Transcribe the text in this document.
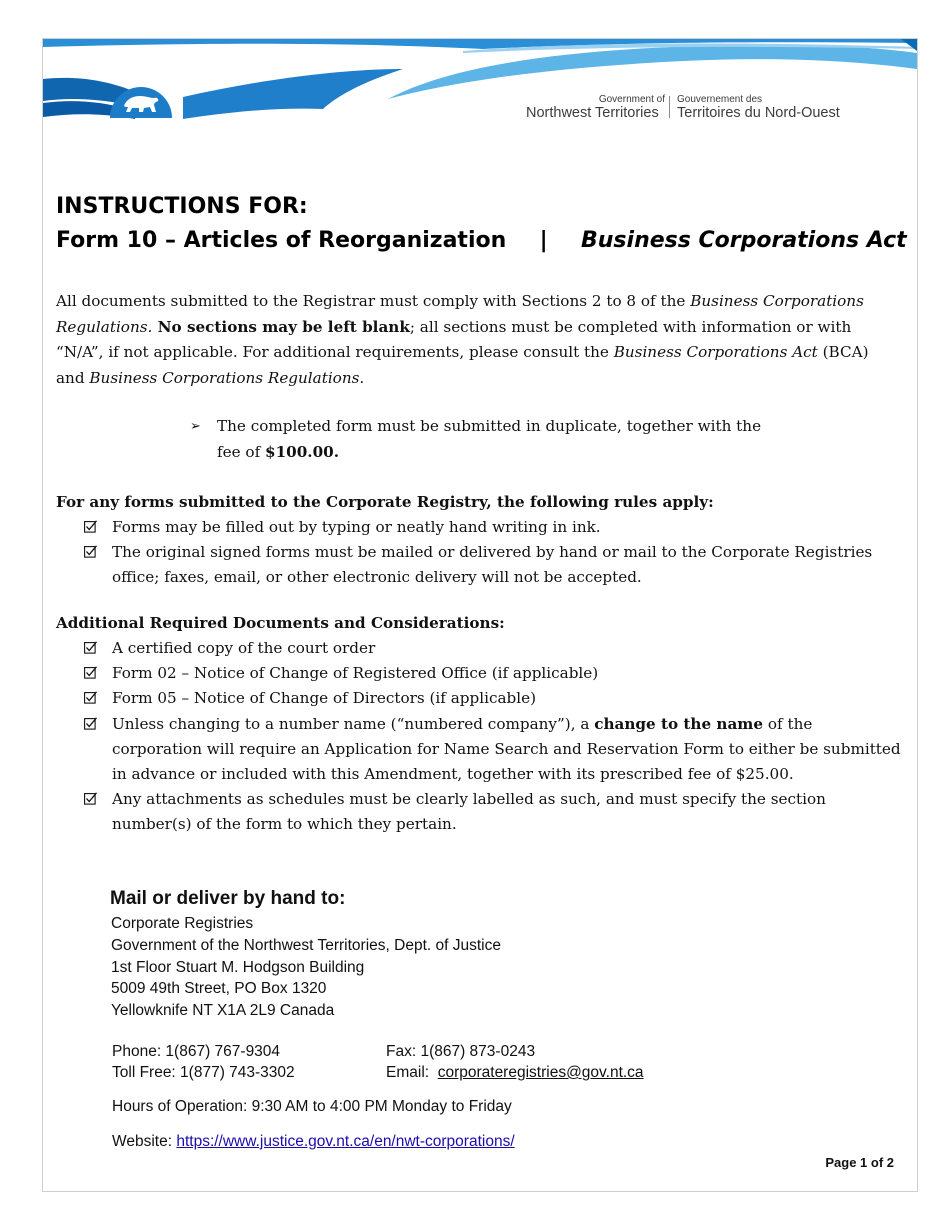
Government of
Northwest Territories
Gouvernement des
Territoires du Nord-Ouest
INSTRUCTIONS FOR:
Form 10 – Articles of Reorganization | Business Corporations Act
All documents submitted to the Registrar must comply with Sections 2 to 8 of the Business Corporations Regulations. No sections may be left blank; all sections must be completed with information or with “N/A”, if not applicable. For additional requirements, please consult the Business Corporations Act (BCA) and Business Corporations Regulations.
➢ The completed form must be submitted in duplicate, together with the fee of $100.00.
For any forms submitted to the Corporate Registry, the following rules apply:
Forms may be filled out by typing or neatly hand writing in ink.
The original signed forms must be mailed or delivered by hand or mail to the Corporate Registries office; faxes, email, or other electronic delivery will not be accepted.
Additional Required Documents and Considerations:
A certified copy of the court order
Form 02 – Notice of Change of Registered Office (if applicable)
Form 05 – Notice of Change of Directors (if applicable)
Unless changing to a number name (“numbered company”), a change to the name of the corporation will require an Application for Name Search and Reservation Form to either be submitted in advance or included with this Amendment, together with its prescribed fee of $25.00.
Any attachments as schedules must be clearly labelled as such, and must specify the section number(s) of the form to which they pertain.
Mail or deliver by hand to:
Corporate Registries
Government of the Northwest Territories, Dept. of Justice
1st Floor Stuart M. Hodgson Building
5009 49th Street, PO Box 1320
Yellowknife NT X1A 2L9 Canada
Phone: 1(867) 767-9304
Toll Free: 1(877) 743-3302
Fax: 1(867) 873-0243
Email: corporateregistries@gov.nt.ca
Hours of Operation: 9:30 AM to 4:00 PM Monday to Friday
Website: https://www.justice.gov.nt.ca/en/nwt-corporations/
Page 1 of 2
